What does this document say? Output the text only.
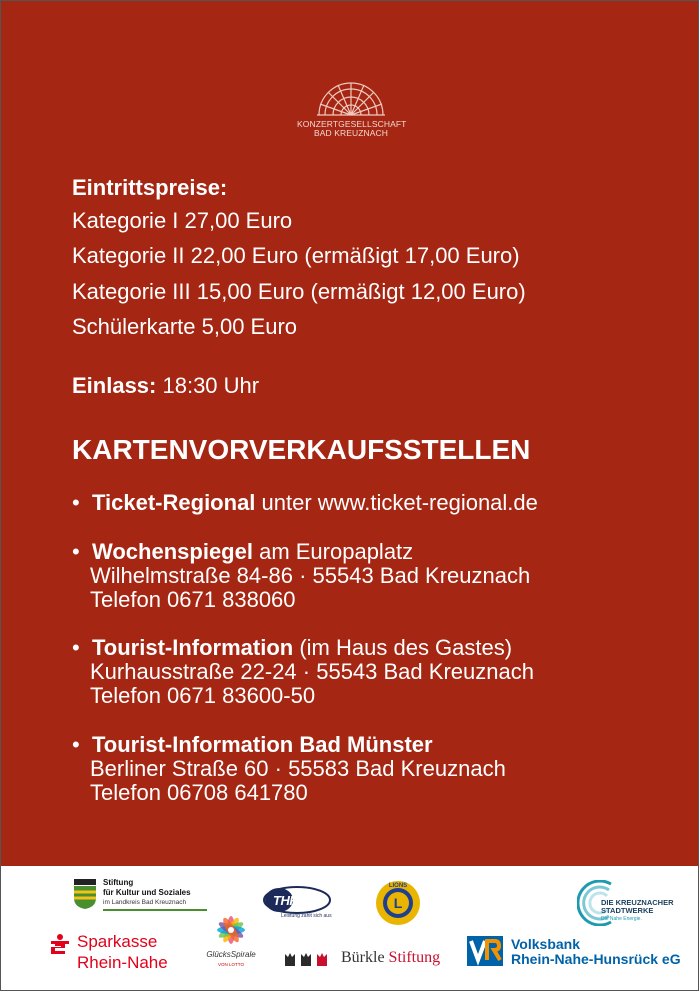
KONZERTGESELLSCHAFT
BAD KREUZNACH
Eintrittspreise:
Kategorie I 27,00 Euro
Kategorie II 22,00 Euro (ermäßigt 17,00 Euro)
Kategorie III 15,00 Euro (ermäßigt 12,00 Euro)
Schülerkarte 5,00 Euro
Einlass: 18:30 Uhr
KARTENVORVERKAUFSSTELLEN
• Ticket-Regional unter www.ticket-regional.de
• Wochenspiegel am Europaplatz
Wilhelmstraße 84-86 · 55543 Bad Kreuznach
Telefon 0671 838060
• Tourist-Information (im Haus des Gastes)
Kurhausstraße 22-24 · 55543 Bad Kreuznach
Telefon 0671 83600-50
• Tourist-Information Bad Münster
Berliner Straße 60 · 55583 Bad Kreuznach
Telefon 06708 641780
Stiftung
für Kultur und Soziales
im Landkreis Bad Kreuznach	THRESS
Leistung zahlt sich aus
LIONS
L	DIE KREUZNACHER
STADTWERKE
Die Nahe Energie.
Sparkasse
Rhein-Nahe	GlücksSpirale
VON LOTTO	Bürkle Stiftung
Volksbank
Rhein-Nahe-Hunsrück eG
